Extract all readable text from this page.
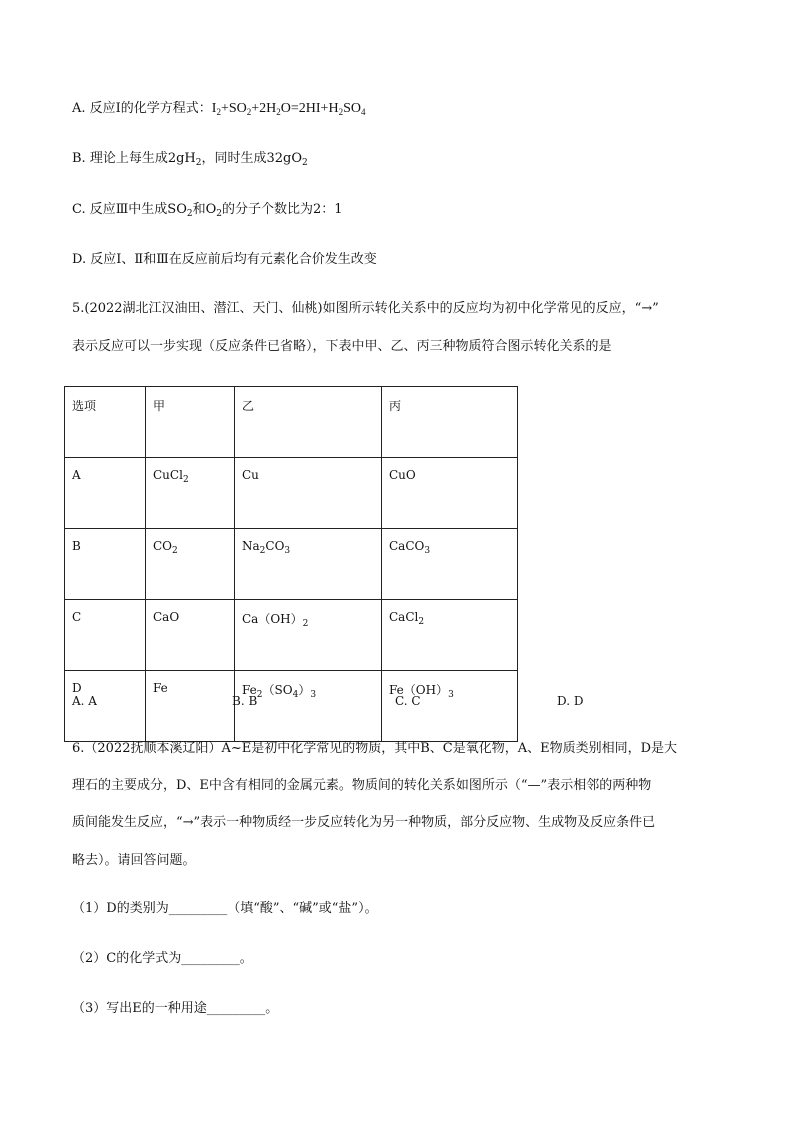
A. 反应Ⅰ的化学方程式：$I_2+SO_2+2H_2O=2HI+H_2SO_4$
B. 理论上每生成$2gH_2$，同时生成$32gO_2$
C. 反应Ⅲ中生成$SO_2$和$O_2$的分子个数比为2：1
D. 反应Ⅰ、Ⅱ和Ⅲ在反应前后均有元素化合价发生改变
5.(2022湖北江汉油田、潜江、天门、仙桃)如图所示转化关系中的反应均为初中化学常见的反应，“→”
表示反应可以一步实现（反应条件已省略），下表中甲、乙、丙三种物质符合图示转化关系的是
选项	甲	乙	丙
A	CuCl$_2$	Cu	CuO
B	$CO_2$	$Na_2CO_3$	CaCO$_3$
C	CaO	$Ca(OH)_2$	CaCl$_2$
D	Fe	$Fe_2(SO_4)_3$	$Fe(OH)_3$
A. A	B. B	C. C	D. D
6.（2022抚顺本溪辽阳）A~E是初中化学常见的物质，其中B、C是氧化物，A、E物质类别相同，D是大
理石的主要成分，D、E中含有相同的金属元素。物质间的转化关系如图所示（“—”表示相邻的两种物
质间能发生反应，“→”表示一种物质经一步反应转化为另一种物质，部分反应物、生成物及反应条件已
略去）。请回答问题。
（1）D的类别为_________（填“酸”、“碱”或“盐”）。
（2）C的化学式为_________。
（3）写出E的一种用途_________。
